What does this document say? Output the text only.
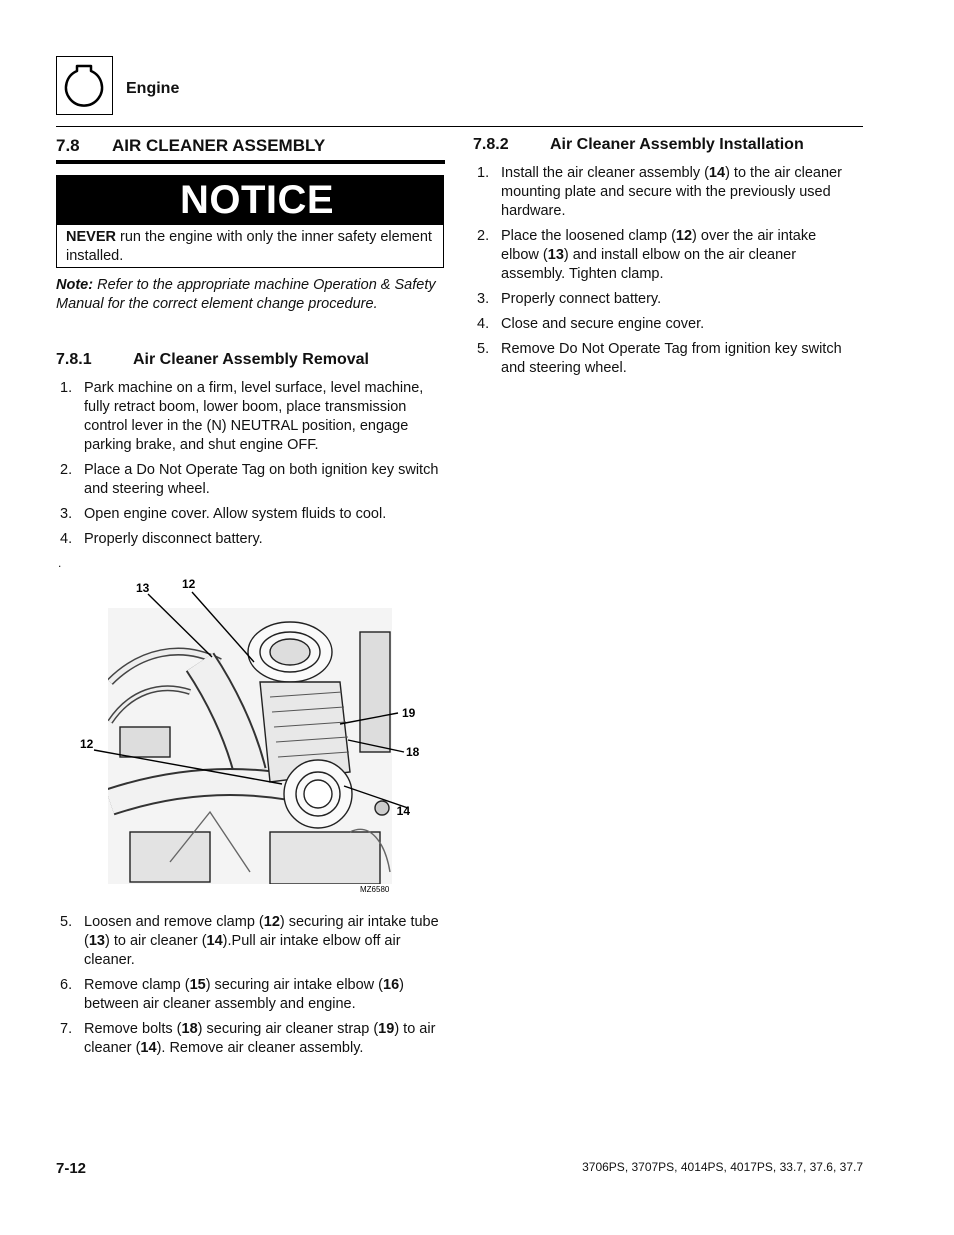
Engine
7.8 AIR CLEANER ASSEMBLY
NOTICE
NEVER run the engine with only the inner safety element installed.
Note: Refer to the appropriate machine Operation & Safety Manual for the correct element change procedure.
7.8.1	Air Cleaner Assembly Removal
1. Park machine on a firm, level surface, level machine, fully retract boom, lower boom, place transmission control lever in the (N) NEUTRAL position, engage parking brake, and shut engine OFF.
2. Place a Do Not Operate Tag on both ignition key switch and steering wheel.
3. Open engine cover. Allow system fluids to cool.
4. Properly disconnect battery.
.
13	12
19
12
18
14
MZ6580
5. Loosen and remove clamp (12) securing air intake tube (13) to air cleaner (14).Pull air intake elbow off air cleaner.
6. Remove clamp (15) securing air intake elbow (16) between air cleaner assembly and engine.
7. Remove bolts (18) securing air cleaner strap (19) to air cleaner (14). Remove air cleaner assembly.
7.8.2	Air Cleaner Assembly Installation
1. Install the air cleaner assembly (14) to the air cleaner mounting plate and secure with the previously used hardware.
2. Place the loosened clamp (12) over the air intake elbow (13) and install elbow on the air cleaner assembly. Tighten clamp.
3. Properly connect battery.
4. Close and secure engine cover.
5. Remove Do Not Operate Tag from ignition key switch and steering wheel.
7-12	3706PS, 3707PS, 4014PS, 4017PS, 33.7, 37.6, 37.7
